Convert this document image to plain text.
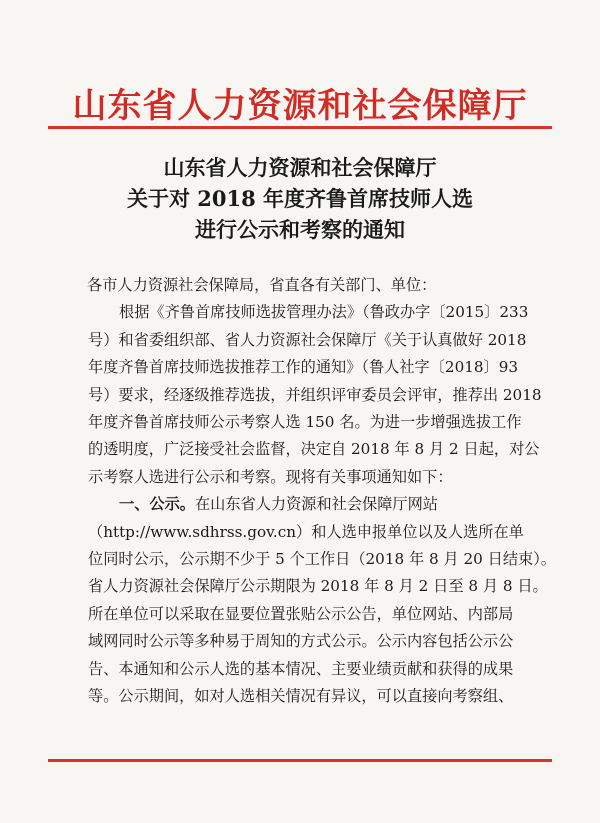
山东省人力资源和社会保障厅
山东省人力资源和社会保障厅
关于对 2018 年度齐鲁首席技师人选
进行公示和考察的通知
各市人力资源社会保障局，省直各有关部门、单位：
根据《齐鲁首席技师选拔管理办法》（鲁政办字〔2015〕233
号）和省委组织部、省人力资源社会保障厅《关于认真做好 2018
年度齐鲁首席技师选拔推荐工作的通知》（鲁人社字〔2018〕93
号）要求，经逐级推荐选拔，并组织评审委员会评审，推荐出 2018
年度齐鲁首席技师公示考察人选 150 名。为进一步增强选拔工作
的透明度，广泛接受社会监督，决定自 2018 年 8 月 2 日起，对公
示考察人选进行公示和考察。现将有关事项通知如下：
一、公示。在山东省人力资源和社会保障厅网站
（http://www.sdhrss.gov.cn）和人选申报单位以及人选所在单
位同时公示，公示期不少于 5 个工作日（2018 年 8 月 20 日结束）。
省人力资源社会保障厅公示期限为 2018 年 8 月 2 日至 8 月 8 日。
所在单位可以采取在显要位置张贴公示公告，单位网站、内部局
域网同时公示等多种易于周知的方式公示。公示内容包括公示公
告、本通知和公示人选的基本情况、主要业绩贡献和获得的成果
等。公示期间，如对人选相关情况有异议，可以直接向考察组、
